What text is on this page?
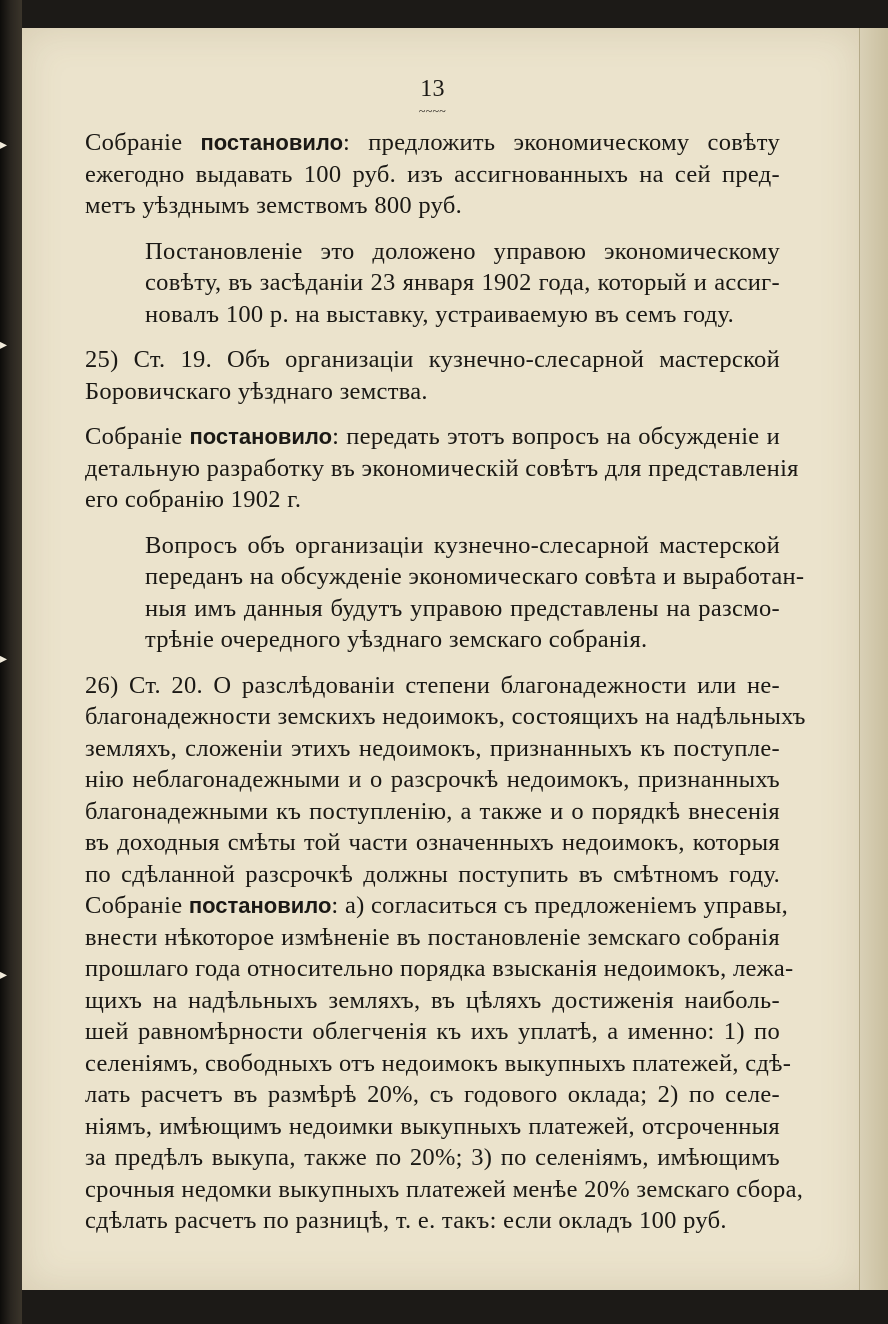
▸
▸
▸
▸
13
~~~~
Собраніе постановило: предложить экономическому совѣту
ежегодно выдавать 100 руб. изъ ассигнованныхъ на сей пред-
метъ уѣзднымъ земствомъ 800 руб.
Постановленіе это доложено управою экономическому
совѣту, въ засѣданіи 23 января 1902 года, который и ассиг-
новалъ 100 р. на выставку, устраиваемую въ семъ году.
25) Ст. 19. Объ организаціи кузнечно-слесарной мастерской
Боровичскаго уѣзднаго земства.
Собраніе постановило: передать этотъ вопросъ на обсужденіе и
детальную разработку въ экономическій совѣтъ для представленія
его собранію 1902 г.
Вопросъ объ организаціи кузнечно-слесарной мастерской
переданъ на обсужденіе экономическаго совѣта и выработан-
ныя имъ данныя будутъ управою представлены на разсмо-
трѣніе очередного уѣзднаго земскаго собранія.
26) Ст. 20. О разслѣдованіи степени благонадежности или не-
благонадежности земскихъ недоимокъ, состоящихъ на надѣльныхъ
земляхъ, сложеніи этихъ недоимокъ, признанныхъ къ поступле-
нію неблагонадежными и о разсрочкѣ недоимокъ, признанныхъ
благонадежными къ поступленію, а также и о порядкѣ внесенія
въ доходныя смѣты той части означенныхъ недоимокъ, которыя
по сдѣланной разсрочкѣ должны поступить въ смѣтномъ году.
Собраніе постановило: а) согласиться съ предложеніемъ управы,
внести нѣкоторое измѣненіе въ постановленіе земскаго собранія
прошлаго года относительно порядка взысканія недоимокъ, лежа-
щихъ на надѣльныхъ земляхъ, въ цѣляхъ достиженія наиболь-
шей равномѣрности облегченія къ ихъ уплатѣ, а именно: 1) по
селеніямъ, свободныхъ отъ недоимокъ выкупныхъ платежей, сдѣ-
лать расчетъ въ размѣрѣ 20%, съ годового оклада; 2) по селе-
ніямъ, имѣющимъ недоимки выкупныхъ платежей, отсроченныя
за предѣлъ выкупа, также по 20%; 3) по селеніямъ, имѣющимъ
срочныя недомки выкупныхъ платежей менѣе 20% земскаго сбора,
сдѣлать расчетъ по разницѣ, т. е. такъ: если окладъ 100 руб.
